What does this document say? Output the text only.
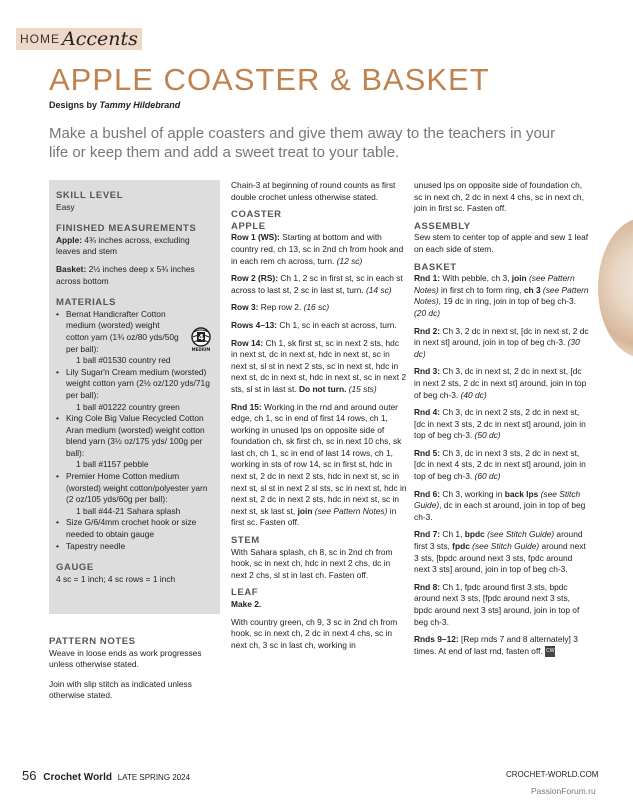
HOME Accents
APPLE COASTER & BASKET
Designs by Tammy Hildebrand
Make a bushel of apple coasters and give them away to the teachers in your life or keep them and add a sweet treat to your table.
SKILL LEVEL
Easy
FINISHED MEASUREMENTS

Apple: 4¾ inches across, excluding leaves and stem

Basket: 2½ inches deep x 5¾ inches across bottom

MATERIALS
• Bernat Handicrafter Cotton medium (worsted) weight cotton yarn (1¾ oz/80 yds/50g per ball):
1 ball #01530 country red
• Lily Sugar'n Cream medium (worsted) weight cotton yarn (2½ oz/120 yds/71g per ball):
1 ball #01222 country green
• King Cole Big Value Recycled Cotton Aran medium (worsted) weight cotton blend yarn (3½ oz/175 yds/ 100g per ball):
1 ball #1157 pebble
• Premier Home Cotton medium (worsted) weight cotton/polyester yarn (2 oz/105 yds/60g per ball):
1 ball #44-21 Sahara splash
• Size G/6/4mm crochet hook or size needed to obtain gauge
• Tapestry needle
GAUGE
4 sc = 1 inch; 4 sc rows = 1 inch
4
MEDIUM
PATTERN NOTES

Weave in loose ends as work progresses unless otherwise stated.

Join with slip stitch as indicated unless otherwise stated.

Chain-3 at beginning of round counts as first double crochet unless otherwise stated.

COASTER
APPLE

Row 1 (WS): Starting at bottom and with country red, ch 13, sc in 2nd ch from hook and in each rem ch across, turn. (12 sc)

Row 2 (RS): Ch 1, 2 sc in first st, sc in each st across to last st, 2 sc in last st, turn. (14 sc)

Row 3: Rep row 2. (16 sc)

Rows 4–13: Ch 1, sc in each st across, turn.

Row 14: Ch 1, sk first st, sc in next 2 sts, hdc in next st, dc in next st, hdc in next st, sc in next st, sl st in next 2 sts, sc in next st, hdc in next st, dc in next st, hdc in next st, sc in next 2 sts, sl st in last st. Do not turn. (15 sts)

Rnd 15: Working in the rnd and around outer edge, ch 1, sc in end of first 14 rows, ch 1, working in unused lps on opposite side of foundation ch, sk first ch, sc in next 10 chs, sk last ch, ch 1, sc in end of last 14 rows, ch 1, working in sts of row 14, sc in first st, hdc in next st, 2 dc in next 2 sts, hdc in next st, sc in next st, sl st in next 2 sl sts, sc in next st, hdc in next st, 2 dc in next 2 sts, hdc in next st, sc in next st, sk last st, join (see Pattern Notes) in first sc. Fasten off.

STEM

With Sahara splash, ch 8, sc in 2nd ch from hook, sc in next ch, hdc in next 2 chs, dc in next 2 chs, sl st in last ch. Fasten off.

LEAF

Make 2.

With country green, ch 9, 3 sc in 2nd ch from hook, sc in next ch, 2 dc in next 4 chs, sc in next ch, 3 sc in last ch, working in

unused lps on opposite side of foundation ch, sc in next ch, 2 dc in next 4 chs, sc in next ch, join in first sc. Fasten off.

ASSEMBLY

Sew stem to center top of apple and sew 1 leaf on each side of stem.

BASKET

Rnd 1: With pebble, ch 3, join (see Pattern Notes) in first ch to form ring, ch 3 (see Pattern Notes), 19 dc in ring, join in top of beg ch-3. (20 dc)

Rnd 2: Ch 3, 2 dc in next st, [dc in next st, 2 dc in next st] around, join in top of beg ch-3. (30 dc)

Rnd 3: Ch 3, dc in next st, 2 dc in next st, [dc in next 2 sts, 2 dc in next st] around, join in top of beg ch-3. (40 dc)

Rnd 4: Ch 3, dc in next 2 sts, 2 dc in next st, [dc in next 3 sts, 2 dc in next st] around, join in top of beg ch-3. (50 dc)

Rnd 5: Ch 3, dc in next 3 sts, 2 dc in next st, [dc in next 4 sts, 2 dc in next st] around, join in top of beg ch-3. (60 dc)

Rnd 6: Ch 3, working in back lps (see Stitch Guide), dc in each st around, join in top of beg ch-3.

Rnd 7: Ch 1, bpdc (see Stitch Guide) around first 3 sts, fpdc (see Stitch Guide) around next 3 sts, [bpdc around next 3 sts, fpdc around next 3 sts] around, join in top of beg ch-3.

Rnd 8: Ch 1, fpdc around first 3 sts, bpdc around next 3 sts, [fpdc around next 3 sts, bpdc around next 3 sts] around, join in top of beg ch-3.

Rnds 9–12: [Rep rnds 7 and 8 alternately] 3 times. At end of last rnd, fasten off. CW

56 Crochet World LATE SPRING 2024	CROCHET-WORLD.COM
PassionForum.ru
